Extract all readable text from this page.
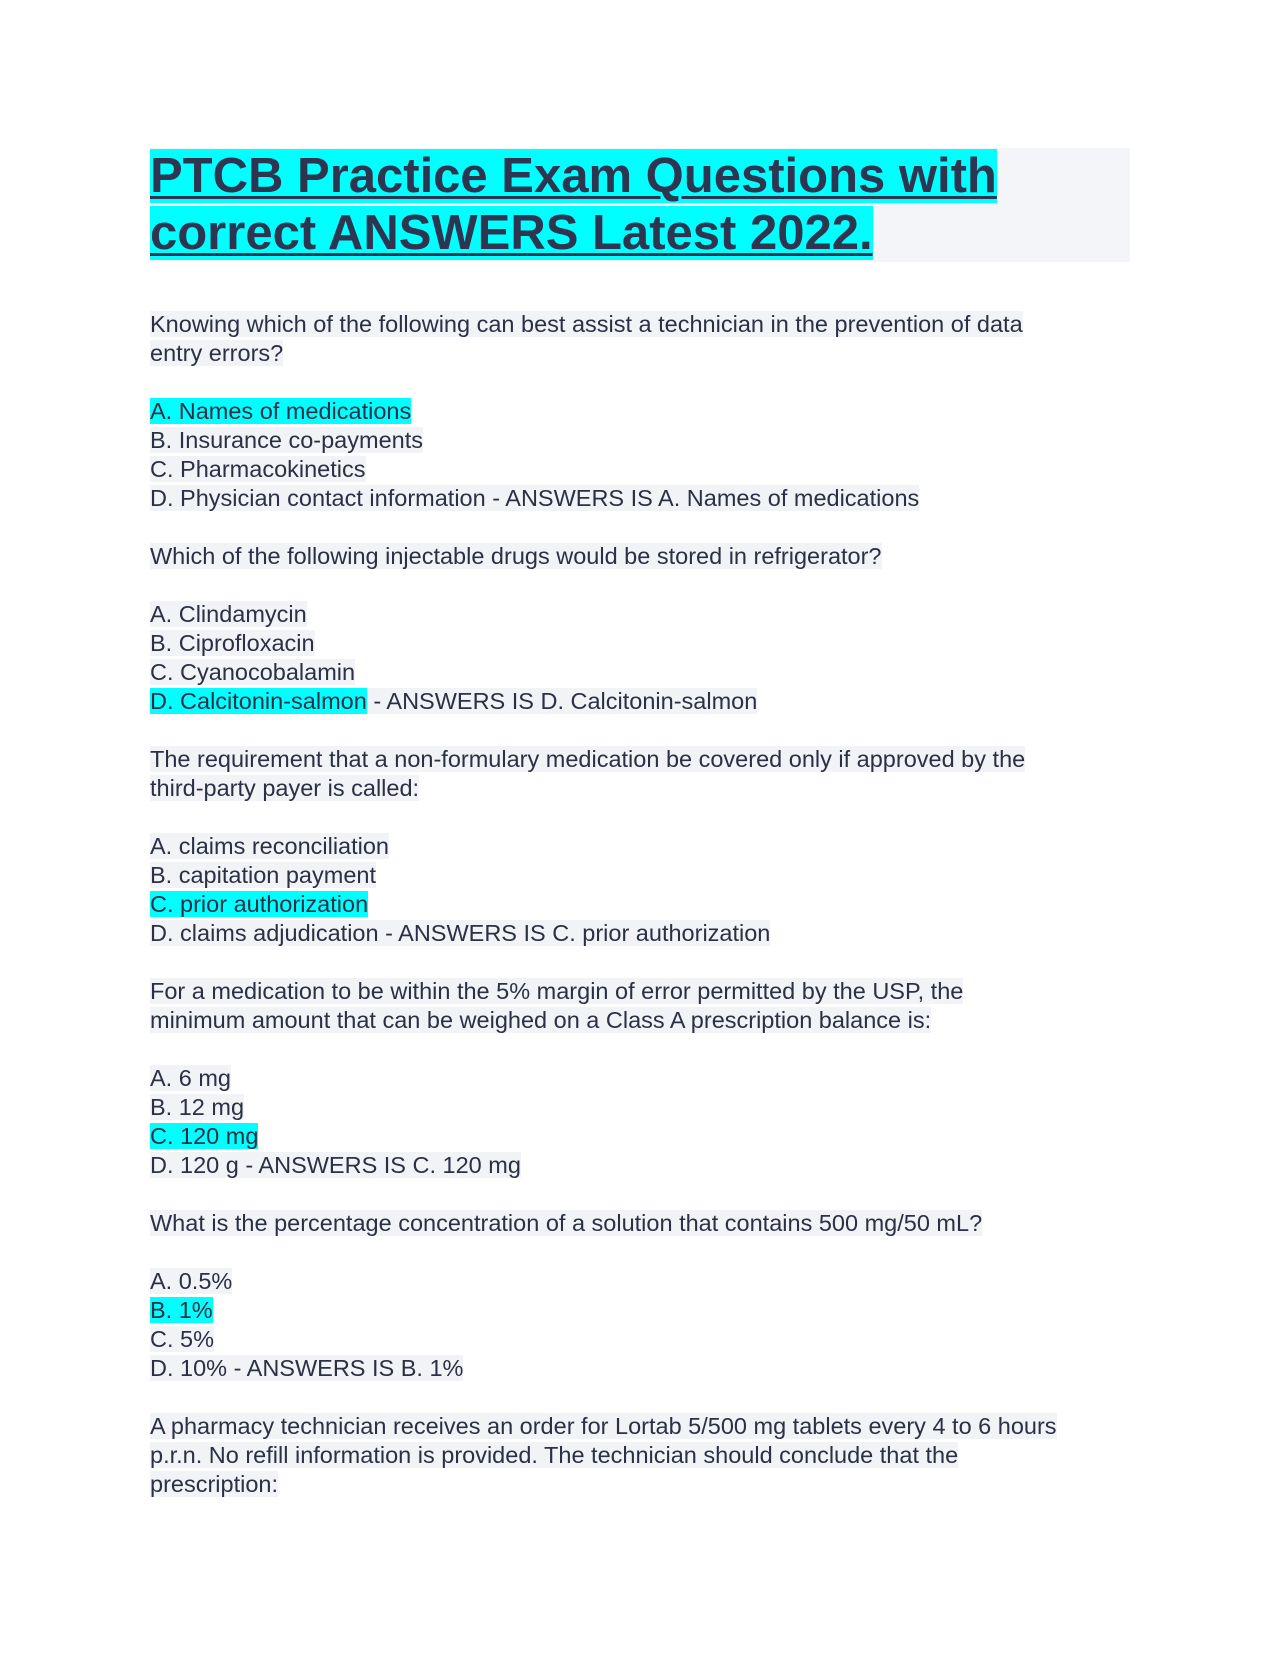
PTCB Practice Exam Questions with
correct ANSWERS Latest 2022.

Knowing which of the following can best assist a technician in the prevention of data

entry errors?

A. Names of medications

B. Insurance co-payments

C. Pharmacokinetics

D. Physician contact information - ANSWERS IS A. Names of medications

Which of the following injectable drugs would be stored in refrigerator?

A. Clindamycin

B. Ciprofloxacin

C. Cyanocobalamin

D. Calcitonin-salmon - ANSWERS IS D. Calcitonin-salmon

The requirement that a non-formulary medication be covered only if approved by the

third-party payer is called:

A. claims reconciliation

B. capitation payment

C. prior authorization

D. claims adjudication - ANSWERS IS C. prior authorization

For a medication to be within the 5% margin of error permitted by the USP, the

minimum amount that can be weighed on a Class A prescription balance is:

A. 6 mg

B. 12 mg

C. 120 mg

D. 120 g - ANSWERS IS C. 120 mg

What is the percentage concentration of a solution that contains 500 mg/50 mL?

A. 0.5%

B. 1%

C. 5%

D. 10% - ANSWERS IS B. 1%

A pharmacy technician receives an order for Lortab 5/500 mg tablets every 4 to 6 hours

p.r.n. No refill information is provided. The technician should conclude that the

prescription:
